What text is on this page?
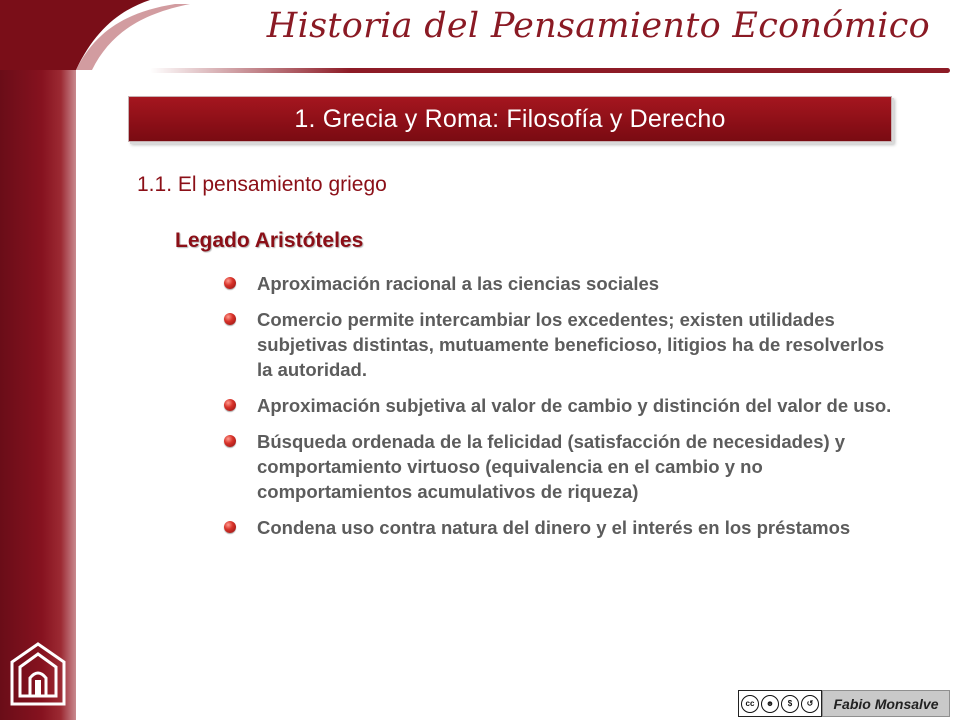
Historia del Pensamiento Económico
1. Grecia y Roma: Filosofía y Derecho
1.1. El pensamiento griego
Legado Aristóteles
Aproximación racional a las ciencias sociales
Comercio permite intercambiar los excedentes; existen utilidades subjetivas distintas, mutuamente beneficioso, litigios ha de resolverlos la autoridad.
Aproximación subjetiva al valor de cambio y distinción del valor de uso.
Búsqueda ordenada de la felicidad (satisfacción de necesidades) y comportamiento virtuoso (equivalencia en el cambio y no comportamientos acumulativos de riqueza)
Condena uso contra natura del dinero y el interés en los préstamos
cc	☻	$	↺	Fabio Monsalve
